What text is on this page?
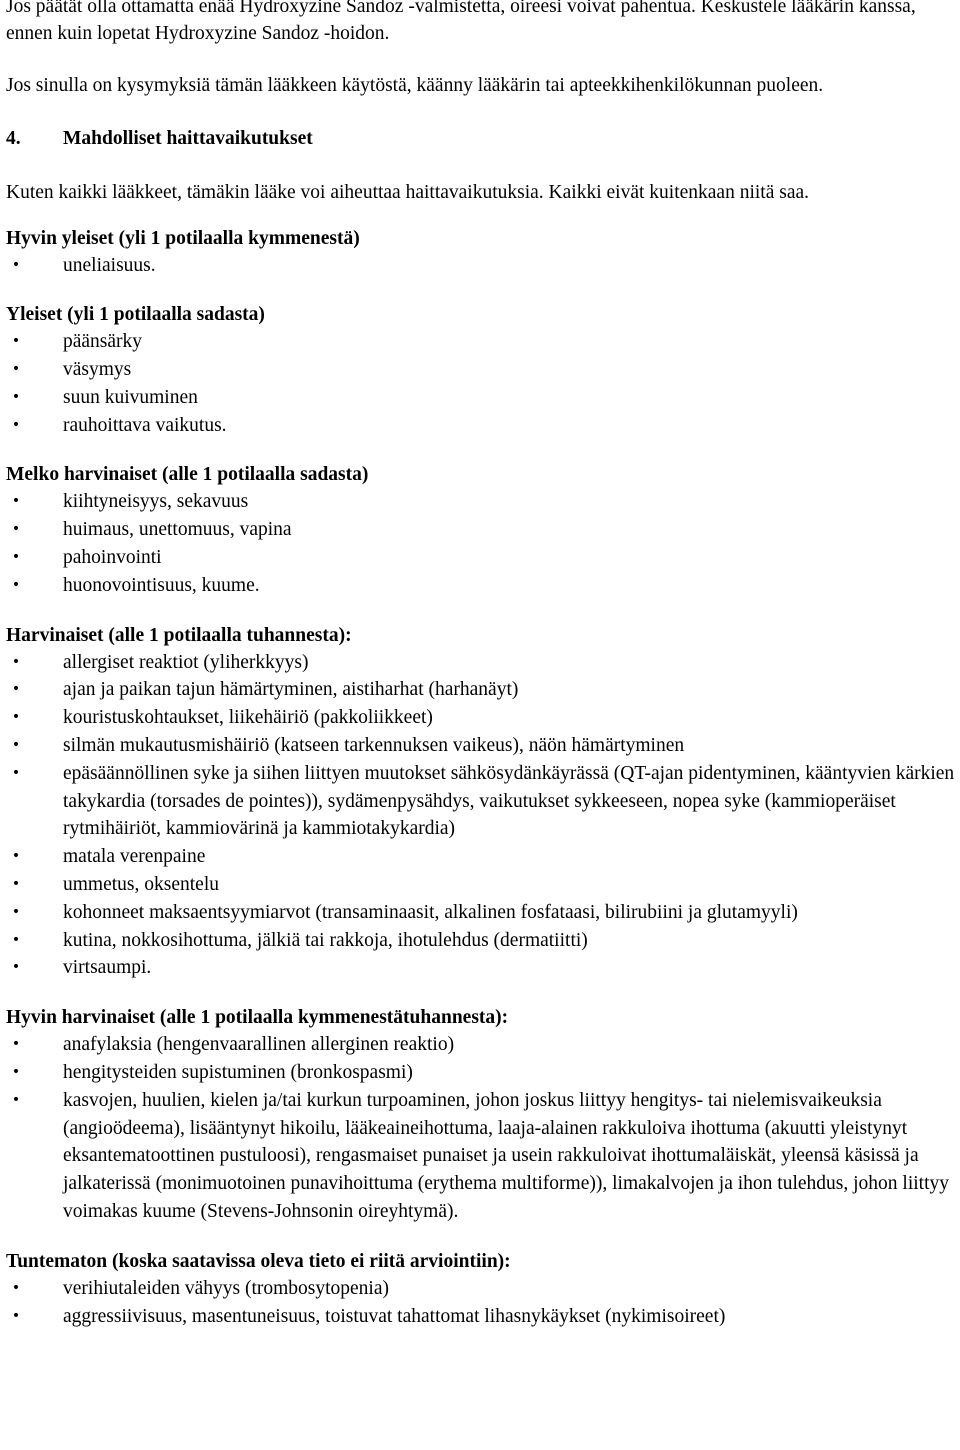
Jos päätät olla ottamatta enää Hydroxyzine Sandoz -valmistetta, oireesi voivat pahentua. Keskustele lääkärin kanssa, ennen kuin lopetat Hydroxyzine Sandoz -hoidon.

Jos sinulla on kysymyksiä tämän lääkkeen käytöstä, käänny lääkärin tai apteekkihenkilökunnan puoleen.

4. Mahdolliset haittavaikutukset

Kuten kaikki lääkkeet, tämäkin lääke voi aiheuttaa haittavaikutuksia. Kaikki eivät kuitenkaan niitä saa.

Hyvin yleiset (yli 1 potilaalla kymmenestä)

•	uneliaisuus.

Yleiset (yli 1 potilaalla sadasta)

•	päänsärky
•	väsymys
•	suun kuivuminen
•	rauhoittava vaikutus.

Melko harvinaiset (alle 1 potilaalla sadasta)

•	kiihtyneisyys, sekavuus
•	huimaus, unettomuus, vapina
•	pahoinvointi
•	huonovointisuus, kuume.

Harvinaiset (alle 1 potilaalla tuhannesta):

•	allergiset reaktiot (yliherkkyys)
•	ajan ja paikan tajun hämärtyminen, aistiharhat (harhanäyt)
•	kouristuskohtaukset, liikehäiriö (pakkoliikkeet)
•	silmän mukautusmishäiriö (katseen tarkennuksen vaikeus), näön hämärtyminen
•	epäsäännöllinen syke ja siihen liittyen muutokset sähkösydänkäyrässä (QT-ajan pidentyminen, kääntyvien kärkien takykardia (torsades de pointes)), sydämenpysähdys, vaikutukset sykkeeseen, nopea syke (kammioperäiset rytmihäiriöt, kammiovärinä ja kammiotakykardia)
•	matala verenpaine
•	ummetus, oksentelu
•	kohonneet maksaentsyymiarvot (transaminaasit, alkalinen fosfataasi, bilirubiini ja glutamyyli)
•	kutina, nokkosihottuma, jälkiä tai rakkoja, ihotulehdus (dermatiitti)
•	virtsaumpi.

Hyvin harvinaiset (alle 1 potilaalla kymmenestätuhannesta):

•	anafylaksia (hengenvaarallinen allerginen reaktio)
•	hengitysteiden supistuminen (bronkospasmi)
•	kasvojen, huulien, kielen ja/tai kurkun turpoaminen, johon joskus liittyy hengitys- tai nielemisvaikeuksia (angioödeema), lisääntynyt hikoilu, lääkeaineihottuma, laaja-alainen rakkuloiva ihottuma (akuutti yleistynyt eksantematoottinen pustuloosi), rengasmaiset punaiset ja usein rakkuloivat ihottumaläiskät, yleensä käsissä ja jalkaterissä (monimuotoinen punavihoittuma (erythema multiforme)), limakalvojen ja ihon tulehdus, johon liittyy voimakas kuume (Stevens-Johnsonin oireyhtymä).

Tuntematon (koska saatavissa oleva tieto ei riitä arviointiin):

•	verihiutaleiden vähyys (trombosytopenia)
•	aggressiivisuus, masentuneisuus, toistuvat tahattomat lihasnykäykset (nykimisoireet)
